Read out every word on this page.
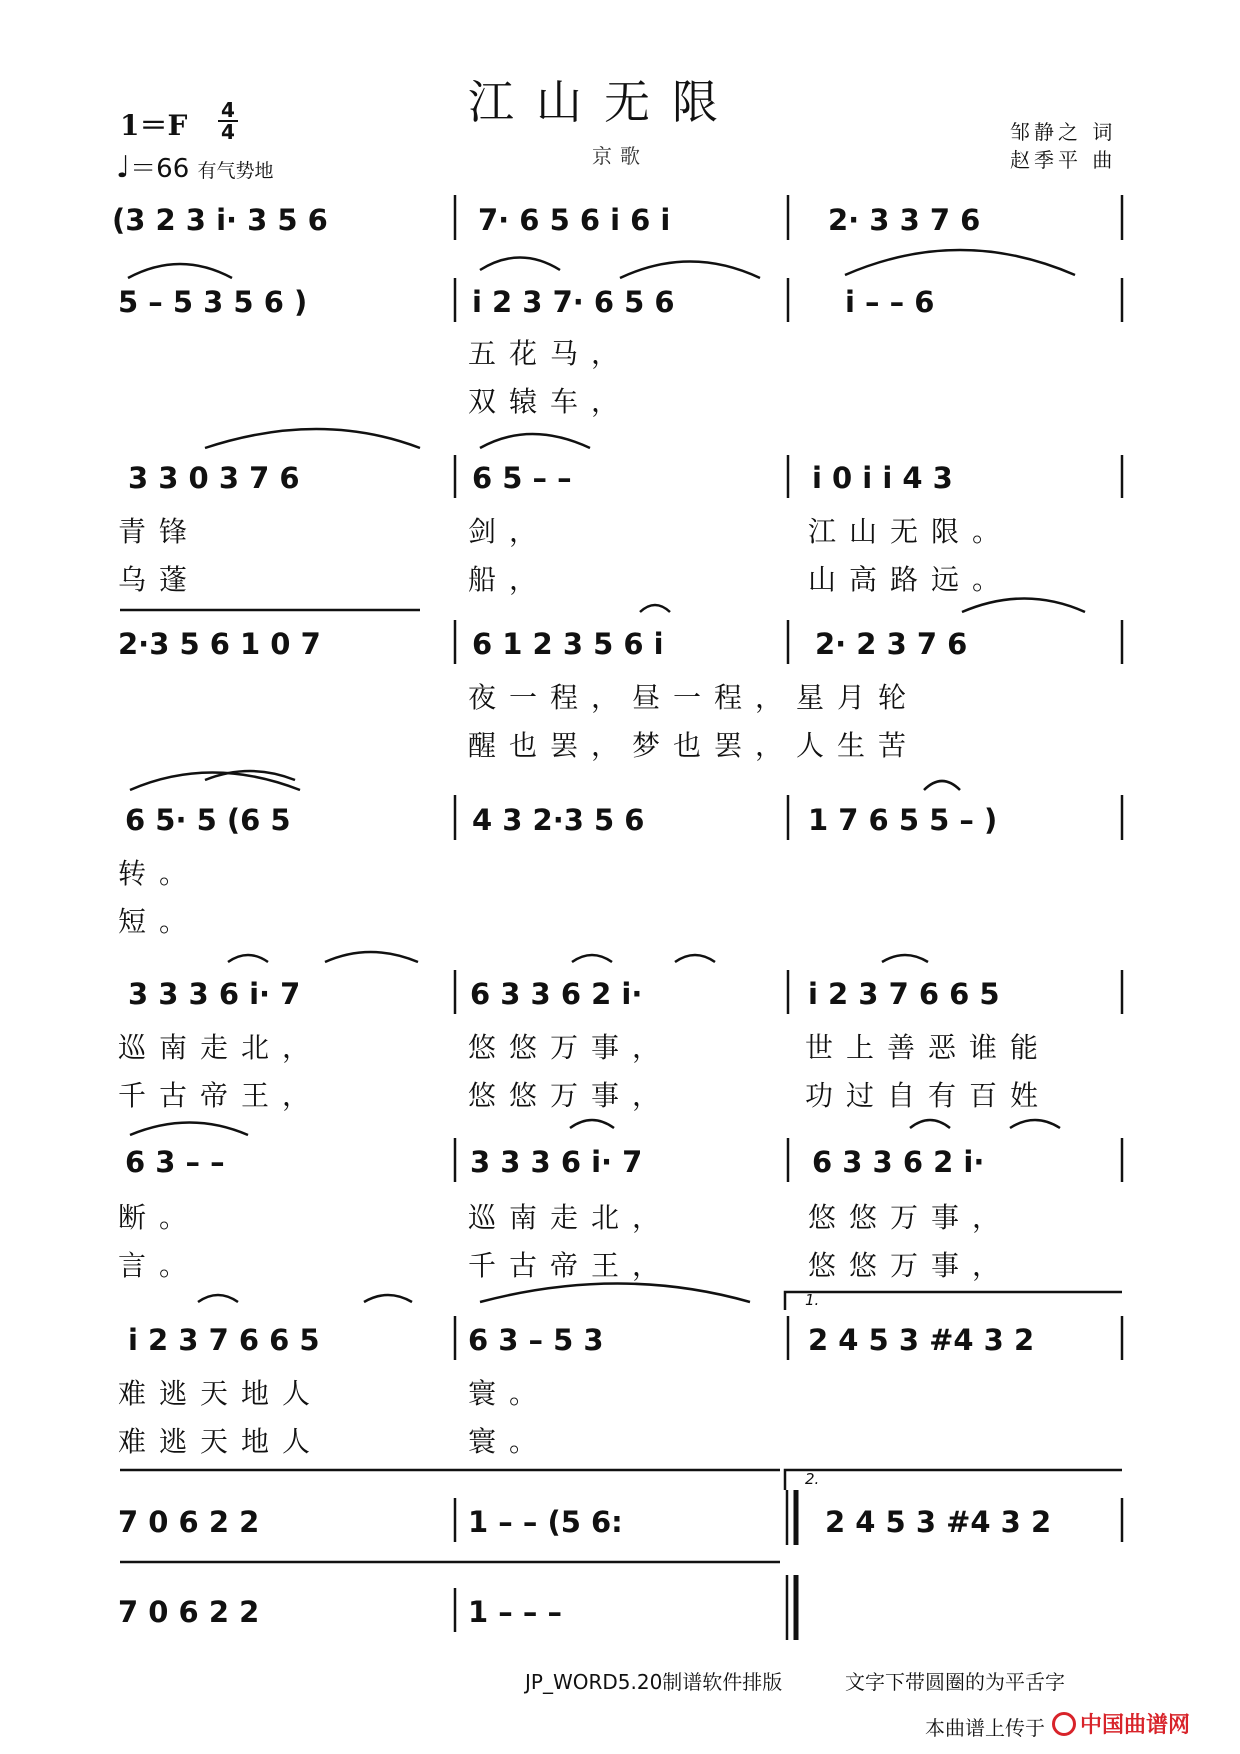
江山无限
京歌
1＝F 4
4
♩＝66 有气势地
邹静之 词
赵季平 曲
(3 2 3 i· 3 5 6	7· 6 5 6 i 6 i	2· 3 3 7 6
5 – 5 3 5 6 )	i 2 3 7· 6 5 6	i – – 6
3 3 0 3 7 6	6 5 – –	i 0 i i 4 3
2·3 5 6 1 0 7	6 1 2 3 5 6 i	2· 2 3 7 6
6 5· 5 (6 5	4 3 2·3 5 6	1 7 6 5 5 – )
3 3 3 6 i· 7	6 3 3 6 2 i·	i 2 3 7 6 6 5
6 3 – –	3 3 3 6 i· 7	6 3 3 6 2 i·
i 2 3 7 6 6 5	6 3 – 5 3	2 4 5 3 #4 3 2
7 0 6 2 2	1 – – (5 6:	2 4 5 3 #4 3 2
7 0 6 2 2	1 – – –
1.
2.
五花马，
双辕车，
青锋	剑，	江山无限。
乌蓬	船，	山高路远。
夜一程，昼一程，星月轮
醒也罢，梦也罢，人生苦
转。
短。
巡南走北，	悠悠万事，	世上善恶谁能
千古帝王，	悠悠万事，	功过自有百姓
断。	巡南走北，	悠悠万事，
言。	千古帝王，	悠悠万事，
难逃天地人	寰。
难逃天地人	寰。
JP_WORD5.20制谱软件排版	文字下带圆圈的为平舌字
本曲谱上传于	中国曲谱网
